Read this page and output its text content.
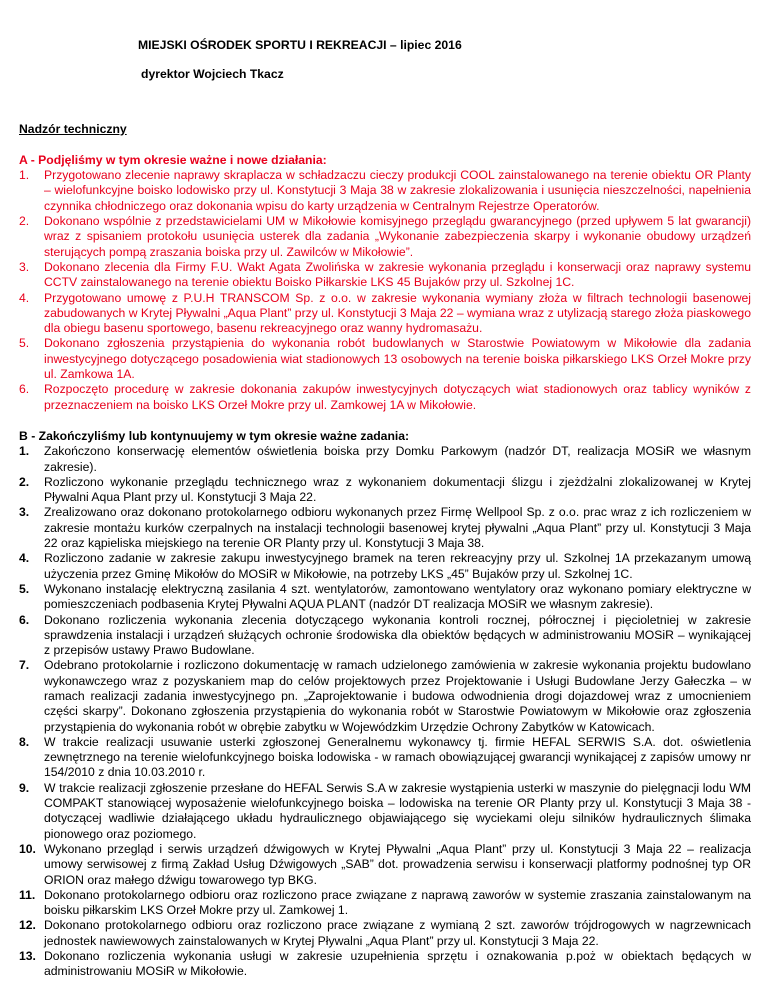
MIEJSKI OŚRODEK SPORTU I REKREACJI – lipiec 2016
dyrektor Wojciech Tkacz
Nadzór techniczny
A - Podjęliśmy w tym okresie ważne i nowe działania:
1. Przygotowano zlecenie naprawy skraplacza w schładzaczu cieczy produkcji COOL zainstalowanego na terenie obiektu OR Planty – wielofunkcyjne boisko lodowisko przy ul. Konstytucji 3 Maja 38 w zakresie zlokalizowania i usunięcia nieszczelności, napełnienia czynnika chłodniczego oraz dokonania wpisu do karty urządzenia w Centralnym Rejestrze Operatorów.
2. Dokonano wspólnie z przedstawicielami UM w Mikołowie komisyjnego przeglądu gwarancyjnego (przed upływem 5 lat gwarancji) wraz z spisaniem protokołu usunięcia usterek dla zadania „Wykonanie zabezpieczenia skarpy i wykonanie obudowy urządzeń sterujących pompą zraszania boiska przy ul. Zawilców w Mikołowie”.
3. Dokonano zlecenia dla Firmy F.U. Wakt Agata Zwolińska w zakresie wykonania przeglądu i konserwacji oraz naprawy systemu CCTV zainstalowanego na terenie obiektu Boisko Piłkarskie LKS 45 Bujaków przy ul. Szkolnej 1C.
4. Przygotowano umowę z P.U.H TRANSCOM Sp. z o.o. w zakresie wykonania wymiany złoża w filtrach technologii basenowej zabudowanych w Krytej Pływalni „Aqua Plant” przy ul. Konstytucji 3 Maja 22 – wymiana wraz z utylizacją starego złoża piaskowego dla obiegu basenu sportowego, basenu rekreacyjnego oraz wanny hydromasażu.
5. Dokonano zgłoszenia przystąpienia do wykonania robót budowlanych w Starostwie Powiatowym w Mikołowie dla zadania inwestycyjnego dotyczącego posadowienia wiat stadionowych 13 osobowych na terenie boiska piłkarskiego LKS Orzeł Mokre przy ul. Zamkowa 1A.
6. Rozpoczęto procedurę w zakresie dokonania zakupów inwestycyjnych dotyczących wiat stadionowych oraz tablicy wyników z przeznaczeniem na boisko LKS Orzeł Mokre przy ul. Zamkowej 1A w Mikołowie.
B - Zakończyliśmy lub kontynuujemy w tym okresie ważne zadania:
1. Zakończono konserwację elementów oświetlenia boiska przy Domku Parkowym (nadzór DT, realizacja MOSiR we własnym zakresie).
2. Rozliczono wykonanie przeglądu technicznego wraz z wykonaniem dokumentacji ślizgu i zjeżdżalni zlokalizowanej w Krytej Pływalni Aqua Plant przy ul. Konstytucji 3 Maja 22.
3. Zrealizowano oraz dokonano protokolarnego odbioru wykonanych przez Firmę Wellpool Sp. z o.o. prac wraz z ich rozliczeniem w zakresie montażu kurków czerpalnych na instalacji technologii basenowej krytej pływalni „Aqua Plant” przy ul. Konstytucji 3 Maja 22 oraz kąpieliska miejskiego na terenie OR Planty przy ul. Konstytucji 3 Maja 38.
4. Rozliczono zadanie w zakresie zakupu inwestycyjnego bramek na teren rekreacyjny przy ul. Szkolnej 1A przekazanym umową użyczenia przez Gminę Mikołów do MOSiR w Mikołowie, na potrzeby LKS „45” Bujaków przy ul. Szkolnej 1C.
5. Wykonano instalację elektryczną zasilania 4 szt. wentylatorów, zamontowano wentylatory oraz wykonano pomiary elektryczne w pomieszczeniach podbasenia Krytej Pływalni AQUA PLANT (nadzór DT realizacja MOSiR we własnym zakresie).
6. Dokonano rozliczenia wykonania zlecenia dotyczącego wykonania kontroli rocznej, półrocznej i pięcioletniej w zakresie sprawdzenia instalacji i urządzeń służących ochronie środowiska dla obiektów będących w administrowaniu MOSiR – wynikającej z przepisów ustawy Prawo Budowlane.
7. Odebrano protokolarnie i rozliczono dokumentację w ramach udzielonego zamówienia w zakresie wykonania projektu budowlano wykonawczego wraz z pozyskaniem map do celów projektowych przez Projektowanie i Usługi Budowlane Jerzy Gałeczka – w ramach realizacji zadania inwestycyjnego pn. „Zaprojektowanie i budowa odwodnienia drogi dojazdowej wraz z umocnieniem części skarpy”. Dokonano zgłoszenia przystąpienia do wykonania robót w Starostwie Powiatowym w Mikołowie oraz zgłoszenia przystąpienia do wykonania robót w obrębie zabytku w Wojewódzkim Urzędzie Ochrony Zabytków w Katowicach.
8. W trakcie realizacji usuwanie usterki zgłoszonej Generalnemu wykonawcy tj. firmie HEFAL SERWIS S.A. dot. oświetlenia zewnętrznego na terenie wielofunkcyjnego boiska lodowiska - w ramach obowiązującej gwarancji wynikającej z zapisów umowy nr 154/2010 z dnia 10.03.2010 r.
9. W trakcie realizacji zgłoszenie przesłane do HEFAL Serwis S.A w zakresie wystąpienia usterki w maszynie do pielęgnacji lodu WM COMPAKT stanowiącej wyposażenie wielofunkcyjnego boiska – lodowiska na terenie OR Planty przy ul. Konstytucji 3 Maja 38 - dotyczącej wadliwie działającego układu hydraulicznego objawiającego się wyciekami oleju silników hydraulicznych ślimaka pionowego oraz poziomego.
10. Wykonano przegląd i serwis urządzeń dźwigowych w Krytej Pływalni „Aqua Plant” przy ul. Konstytucji 3 Maja 22 – realizacja umowy serwisowej z firmą Zakład Usług Dźwigowych „SAB” dot. prowadzenia serwisu i konserwacji platformy podnośnej typ OR ORION oraz małego dźwigu towarowego typ BKG.
11. Dokonano protokolarnego odbioru oraz rozliczono prace związane z naprawą zaworów w systemie zraszania zainstalowanym na boisku piłkarskim LKS Orzeł Mokre przy ul. Zamkowej 1.
12. Dokonano protokolarnego odbioru oraz rozliczono prace związane z wymianą 2 szt. zaworów trójdrogowych w nagrzewnicach jednostek nawiewowych zainstalowanych w Krytej Pływalni „Aqua Plant” przy ul. Konstytucji 3 Maja 22.
13. Dokonano rozliczenia wykonania usługi w zakresie uzupełnienia sprzętu i oznakowania p.poż w obiektach będących w administrowaniu MOSiR w Mikołowie.
